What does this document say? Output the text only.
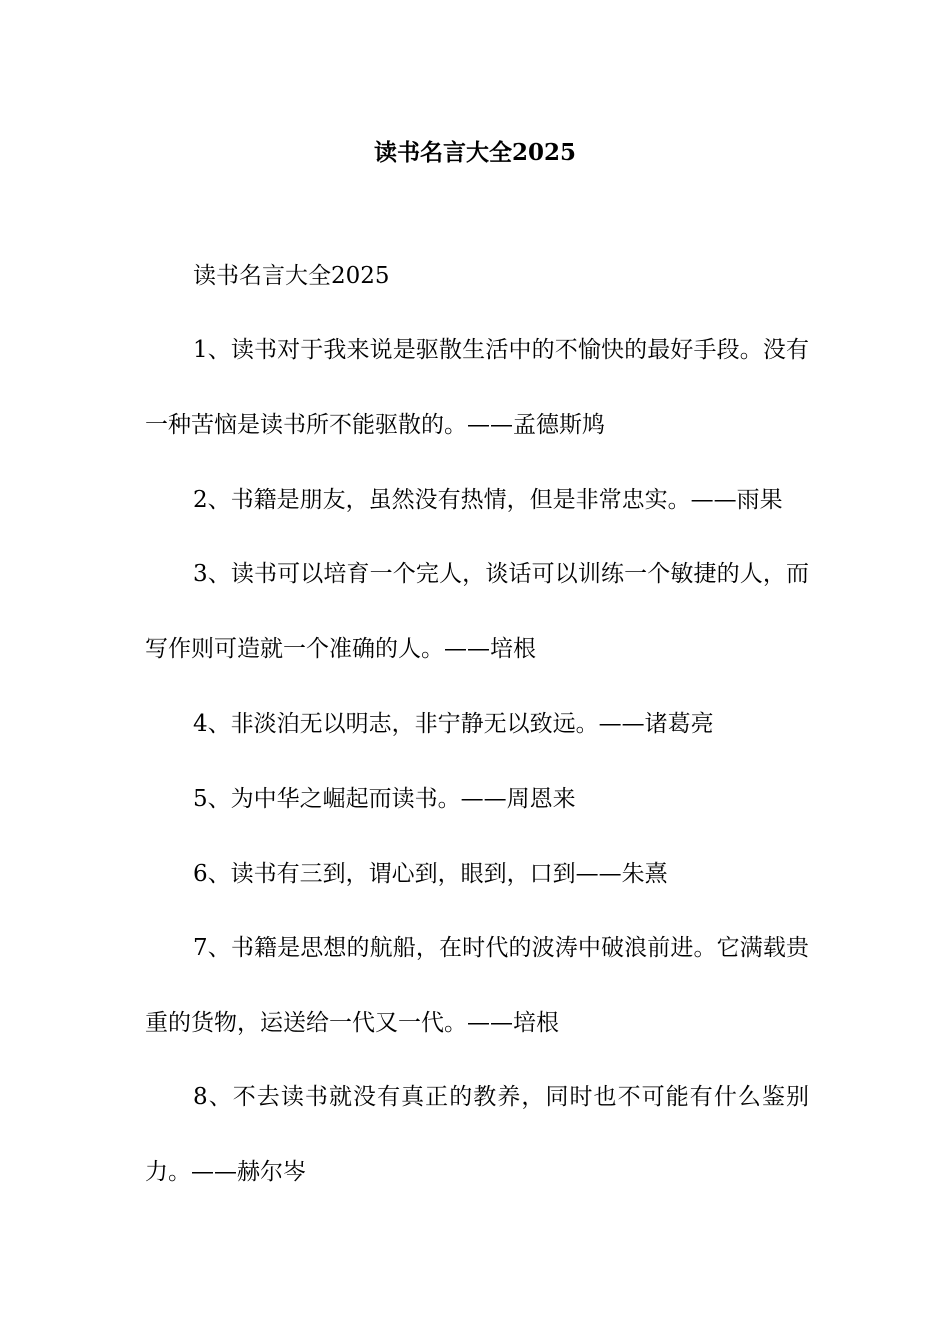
读书名言大全2025

读书名言大全2025

1、读书对于我来说是驱散生活中的不愉快的最好手段。没有一种苦恼是读书所不能驱散的。——孟德斯鸠

2、书籍是朋友，虽然没有热情，但是非常忠实。——雨果

3、读书可以培育一个完人，谈话可以训练一个敏捷的人，而写作则可造就一个准确的人。——培根

4、非淡泊无以明志，非宁静无以致远。——诸葛亮

5、为中华之崛起而读书。——周恩来

6、读书有三到，谓心到，眼到，口到——朱熹

7、书籍是思想的航船，在时代的波涛中破浪前进。它满载贵重的货物，运送给一代又一代。——培根

8、不去读书就没有真正的教养，同时也不可能有什么鉴别力。——赫尔岑
